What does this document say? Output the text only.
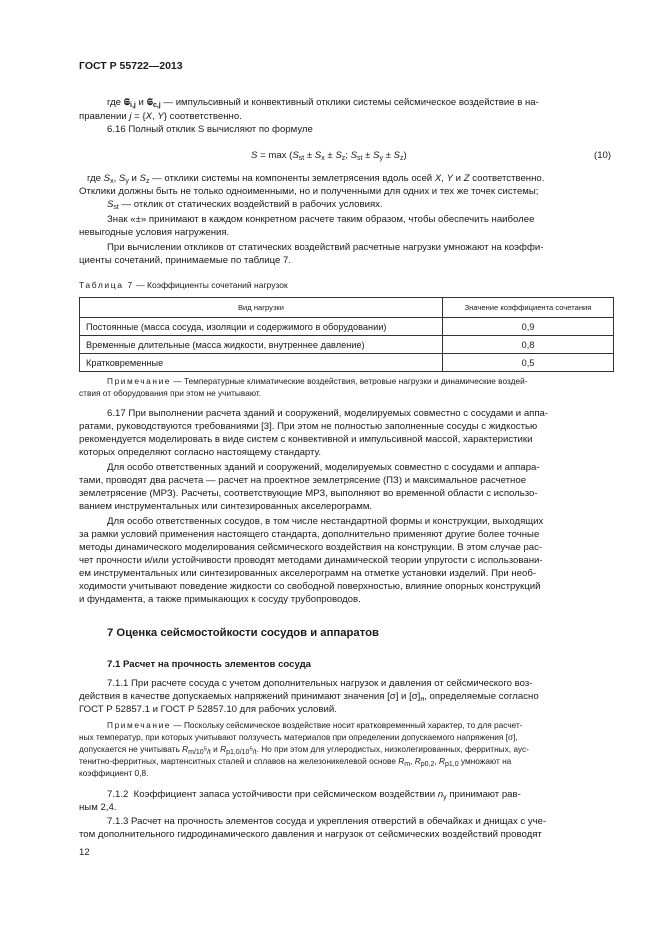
ГОСТ Р 55722—2013
где 𝕾$_{i,j}$ и 𝕾$_{c,j}$ — импульсивный и конвективный отклики системы сейсмическое воздействие в на-
правлении j = {X, Y} соответственно.
6.16 Полный отклик S вычисляют по формуле
$S = \max (S_{st} \pm S_x \pm S_z$; $S_{st} \pm S_y \pm S_z$)	(10)
где $S_x$, $S_y$ и $S_z$ — отклики системы на компоненты землетрясения вдоль осей X, Y и Z соответственно.
Отклики должны быть не только одноименными, но и полученными для одних и тех же точек системы;
$S_{st}$ — отклик от статических воздействий в рабочих условиях.
Знак «±» принимают в каждом конкретном расчете таким образом, чтобы обеспечить наиболее
невыгодные условия нагружения.
При вычислении откликов от статических воздействий расчетные нагрузки умножают на коэффи-
циенты сочетаний, принимаемые по таблице 7.
Таблица 7 — Коэффициенты сочетаний нагрузок
Вид нагрузки	Значение коэффициента сочетания
Постоянные (масса сосуда, изоляции и содержимого в оборудовании)	0,9
Временные длительные (масса жидкости, внутреннее давление)	0,8
Кратковременные	0,5
Примечание — Температурные климатические воздействия, ветровые нагрузки и динамические воздей-
ствия от оборудования при этом не учитывают.
6.17 При выполнении расчета зданий и сооружений, моделируемых совместно с сосудами и аппа-
ратами, руководствуются требованиями [3]. При этом не полностью заполненные сосуды с жидкостью
рекомендуется моделировать в виде систем с конвективной и импульсивной массой, характеристики
которых определяют согласно настоящему стандарту.
Для особо ответственных зданий и сооружений, моделируемых совместно с сосудами и аппара-
тами, проводят два расчета — расчет на проектное землетрясение (ПЗ) и максимальное расчетное
землетрясение (МРЗ). Расчеты, соответствующие МРЗ, выполняют во временной области с использо-
ванием инструментальных или синтезированных акселерограмм.
Для особо ответственных сосудов, в том числе нестандартной формы и конструкции, выходящих
за рамки условий применения настоящего стандарта, дополнительно применяют другие более точные
методы динамического моделирования сейсмического воздействия на конструкции. В этом случае рас-
чет прочности и/или устойчивости проводят методами динамической теории упругости с использовани-
ем инструментальных или синтезированных акселерограмм на отметке установки изделий. При необ-
ходимости учитывают поведение жидкости со свободной поверхностью, влияние опорных конструкций
и фундамента, а также примыкающих к сосуду трубопроводов.
7 Оценка сейсмостойкости сосудов и аппаратов
7.1 Расчет на прочность элементов сосуда
7.1.1 При расчете сосуда с учетом дополнительных нагрузок и давления от сейсмического воз-
действия в качестве допускаемых напряжений принимают значения [σ] и $[\sigma]_н$, определяемые согласно
ГОСТ Р 52857.1 и ГОСТ Р 52857.10 для рабочих условий.
Примечание — Поскольку сейсмическое воздействие носит кратковременный характер, то для расчет-
ных температур, при которых учитывают ползучесть материалов при определении допускаемого напряжения [σ],
допускается не учитывать $R_{m/10^5/t}$ и $R_{p1,0/10^5/t}$. Но при этом для углеродистых, низколегированных, ферритных, аус-
тенитно-ферритных, мартенситных сталей и сплавов на железоникелевой основе $R_m$, $R_{p0,2}$, $R_{p1,0}$ умножают на
коэффициент 0,8.
7.1.2  Коэффициент запаса устойчивости при сейсмическом воздействии $n_y$ принимают рав-
ным 2,4.
7.1.3 Расчет на прочность элементов сосуда и укрепления отверстий в обечайках и днищах с уче-
том дополнительного гидродинамического давления и нагрузок от сейсмических воздействий проводят
12
